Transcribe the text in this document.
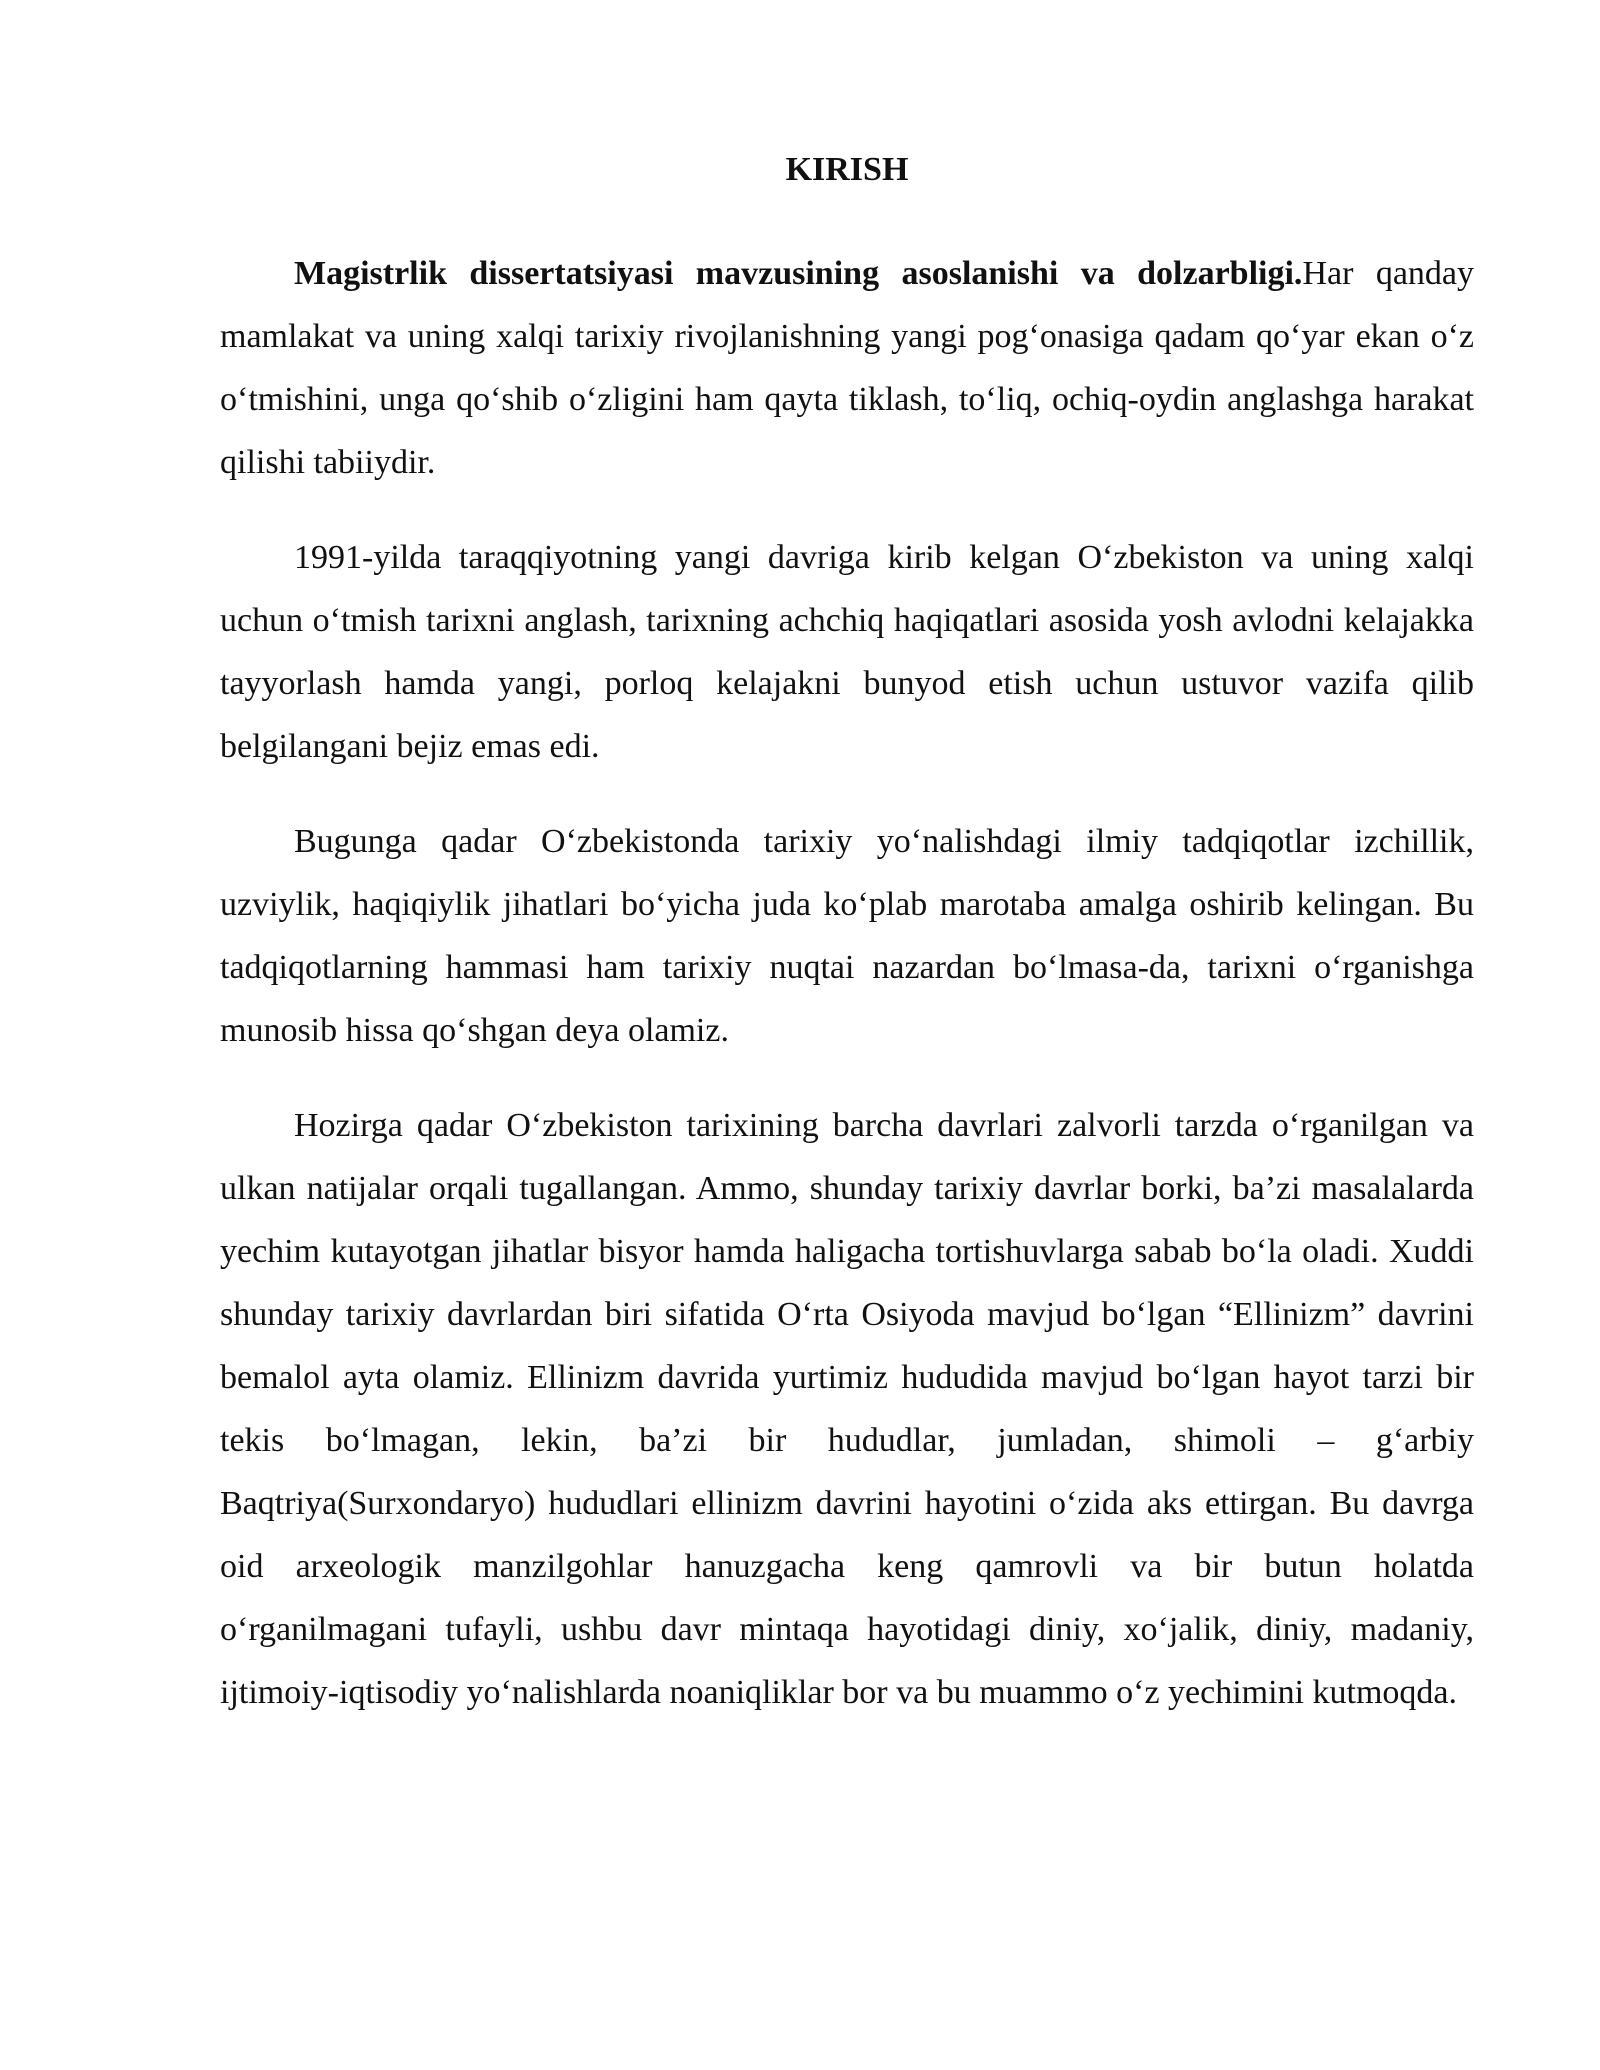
KIRISH

Magistrlik dissertatsiyasi mavzusining asoslanishi va dolzarbligi.Har qanday mamlakat va uning xalqi tarixiy rivojlanishning yangi pog‘onasiga qadam qo‘yar ekan o‘z o‘tmishini, unga qo‘shib o‘zligini ham qayta tiklash, to‘liq, ochiq-oydin anglashga harakat qilishi tabiiydir.

1991-yilda taraqqiyotning yangi davriga kirib kelgan O‘zbekiston va uning xalqi uchun o‘tmish tarixni anglash, tarixning achchiq haqiqatlari asosida yosh avlodni kelajakka tayyorlash hamda yangi, porloq kelajakni bunyod etish uchun ustuvor vazifa qilib belgilangani bejiz emas edi.

Bugunga qadar O‘zbekistonda tarixiy yo‘nalishdagi ilmiy tadqiqotlar izchillik, uzviylik, haqiqiylik jihatlari bo‘yicha juda ko‘plab marotaba amalga oshirib kelingan. Bu tadqiqotlarning hammasi ham tarixiy nuqtai nazardan bo‘lmasa-da, tarixni o‘rganishga munosib hissa qo‘shgan deya olamiz.

Hozirga qadar O‘zbekiston tarixining barcha davrlari zalvorli tarzda o‘rganilgan va ulkan natijalar orqali tugallangan. Ammo, shunday tarixiy davrlar borki, ba’zi masalalarda yechim kutayotgan jihatlar bisyor hamda haligacha tortishuvlarga sabab bo‘la oladi. Xuddi shunday tarixiy davrlardan biri sifatida O‘rta Osiyoda mavjud bo‘lgan “Ellinizm” davrini bemalol ayta olamiz. Ellinizm davrida yurtimiz hududida mavjud bo‘lgan hayot tarzi bir tekis bo‘lmagan, lekin, ba’zi bir hududlar, jumladan, shimoli – g‘arbiy Baqtriya(Surxondaryo) hududlari ellinizm davrini hayotini o‘zida aks ettirgan. Bu davrga oid arxeologik manzilgohlar hanuzgacha keng qamrovli va bir butun holatda o‘rganilmagani tufayli, ushbu davr mintaqa hayotidagi diniy, xo‘jalik, diniy, madaniy, ijtimoiy-iqtisodiy yo‘nalishlarda noaniqliklar bor va bu muammo o‘z yechimini kutmoqda.
